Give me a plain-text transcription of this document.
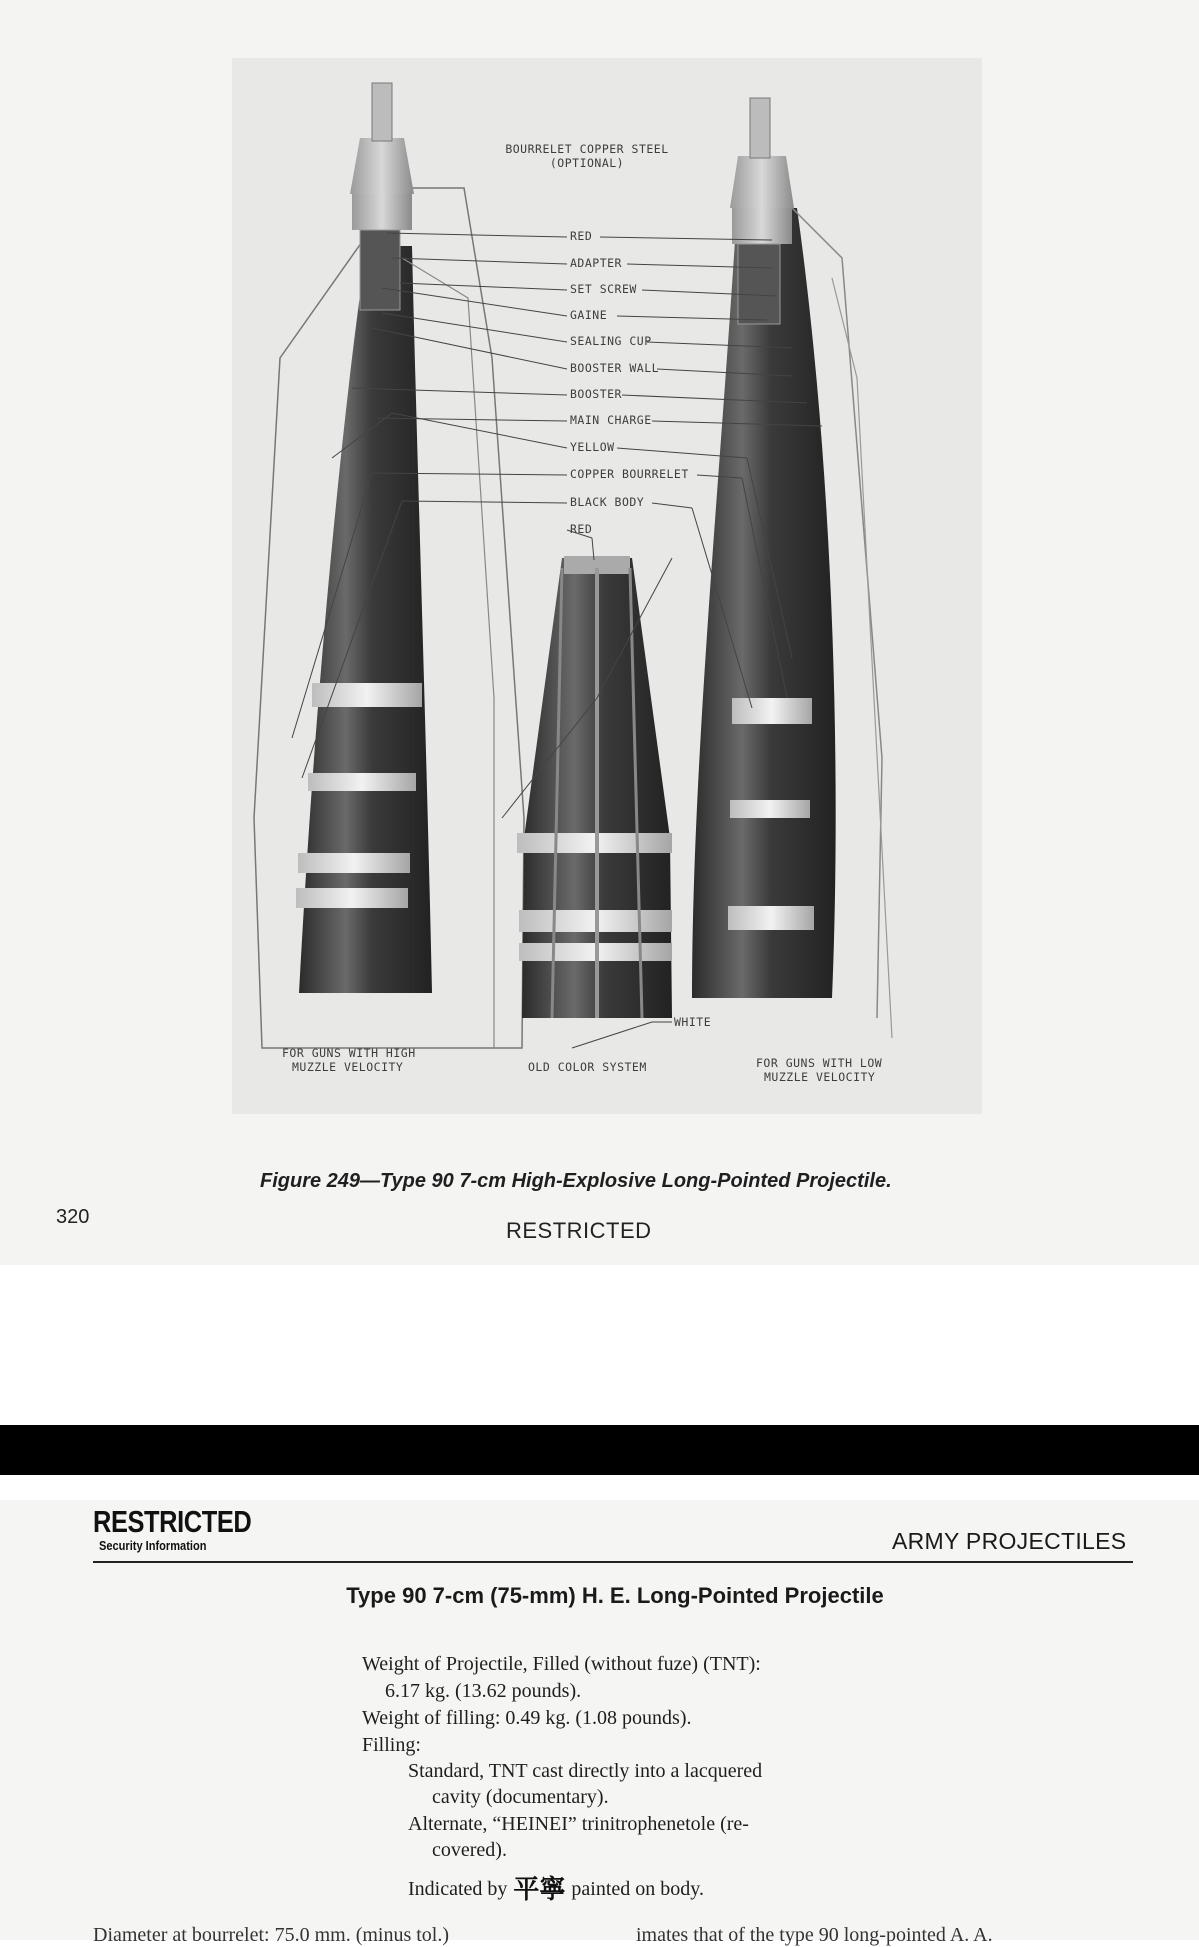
BOURRELET COPPER STEEL
(OPTIONAL)
RED
ADAPTER
SET SCREW
GAINE
SEALING CUP
BOOSTER WALL
BOOSTER
MAIN CHARGE
YELLOW
COPPER BOURRELET
BLACK BODY
RED
WHITE
FOR GUNS WITH HIGH
MUZZLE VELOCITY	OLD COLOR SYSTEM	FOR GUNS WITH LOW
MUZZLE VELOCITY
Figure 249—Type 90 7-cm High-Explosive Long-Pointed Projectile.
320
RESTRICTED
RESTRICTED
Security Information	ARMY PROJECTILES
Type 90 7-cm (75-mm) H. E. Long-Pointed Projectile
Weight of Projectile, Filled (without fuze) (TNT):
6.17 kg. (13.62 pounds).
Weight of filling: 0.49 kg. (1.08 pounds).
Filling:
Standard, TNT cast directly into a lacquered
cavity (documentary).
Alternate, “HEINEI” trinitrophenetole (re-
covered).
Indicated by 平寧 painted on body.
Diameter at bourrelet: 75.0 mm. (minus tol.)	imates that of the type 90 long-pointed A. A.
